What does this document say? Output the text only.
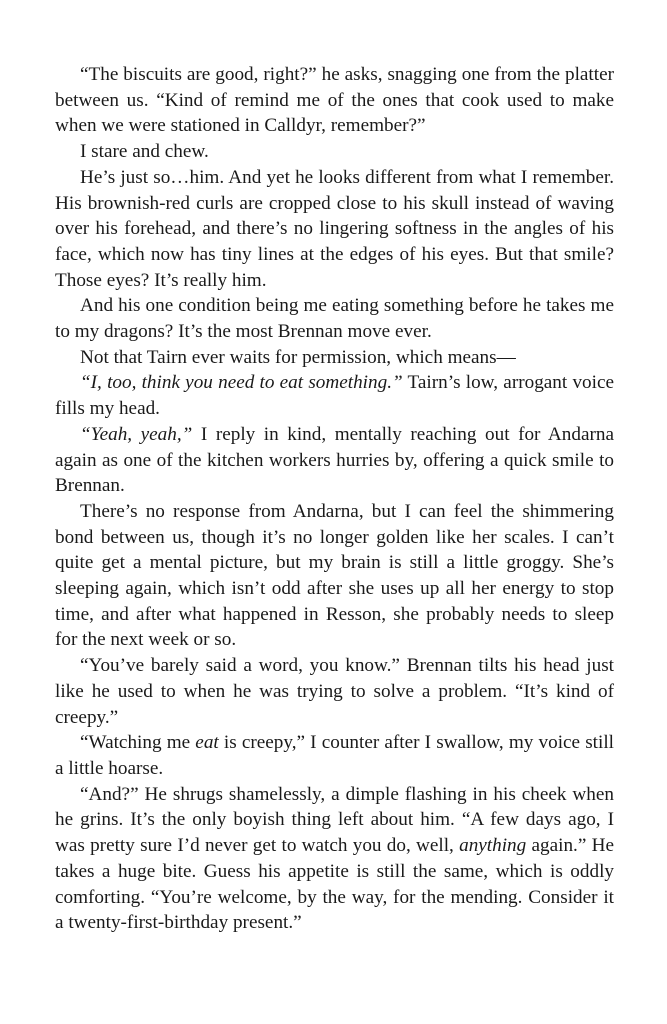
“The biscuits are good, right?” he asks, snagging one from the platter between us. “Kind of remind me of the ones that cook used to make when we were stationed in Calldyr, remember?”

I stare and chew.

He’s just so…him. And yet he looks different from what I remember. His brownish-red curls are cropped close to his skull instead of waving over his forehead, and there’s no lingering softness in the angles of his face, which now has tiny lines at the edges of his eyes. But that smile? Those eyes? It’s really him.

And his one condition being me eating something before he takes me to my dragons? It’s the most Brennan move ever.

Not that Tairn ever waits for permission, which means—

“I, too, think you need to eat something.” Tairn’s low, arrogant voice fills my head.

“Yeah, yeah,” I reply in kind, mentally reaching out for Andarna again as one of the kitchen workers hurries by, offering a quick smile to Brennan.

There’s no response from Andarna, but I can feel the shimmering bond between us, though it’s no longer golden like her scales. I can’t quite get a mental picture, but my brain is still a little groggy. She’s sleeping again, which isn’t odd after she uses up all her energy to stop time, and after what happened in Resson, she probably needs to sleep for the next week or so.

“You’ve barely said a word, you know.” Brennan tilts his head just like he used to when he was trying to solve a problem. “It’s kind of creepy.”

“Watching me eat is creepy,” I counter after I swallow, my voice still a little hoarse.

“And?” He shrugs shamelessly, a dimple flashing in his cheek when he grins. It’s the only boyish thing left about him. “A few days ago, I was pretty sure I’d never get to watch you do, well, anything again.” He takes a huge bite. Guess his appetite is still the same, which is oddly comforting. “You’re welcome, by the way, for the mending. Consider it a twenty-first-birthday present.”
